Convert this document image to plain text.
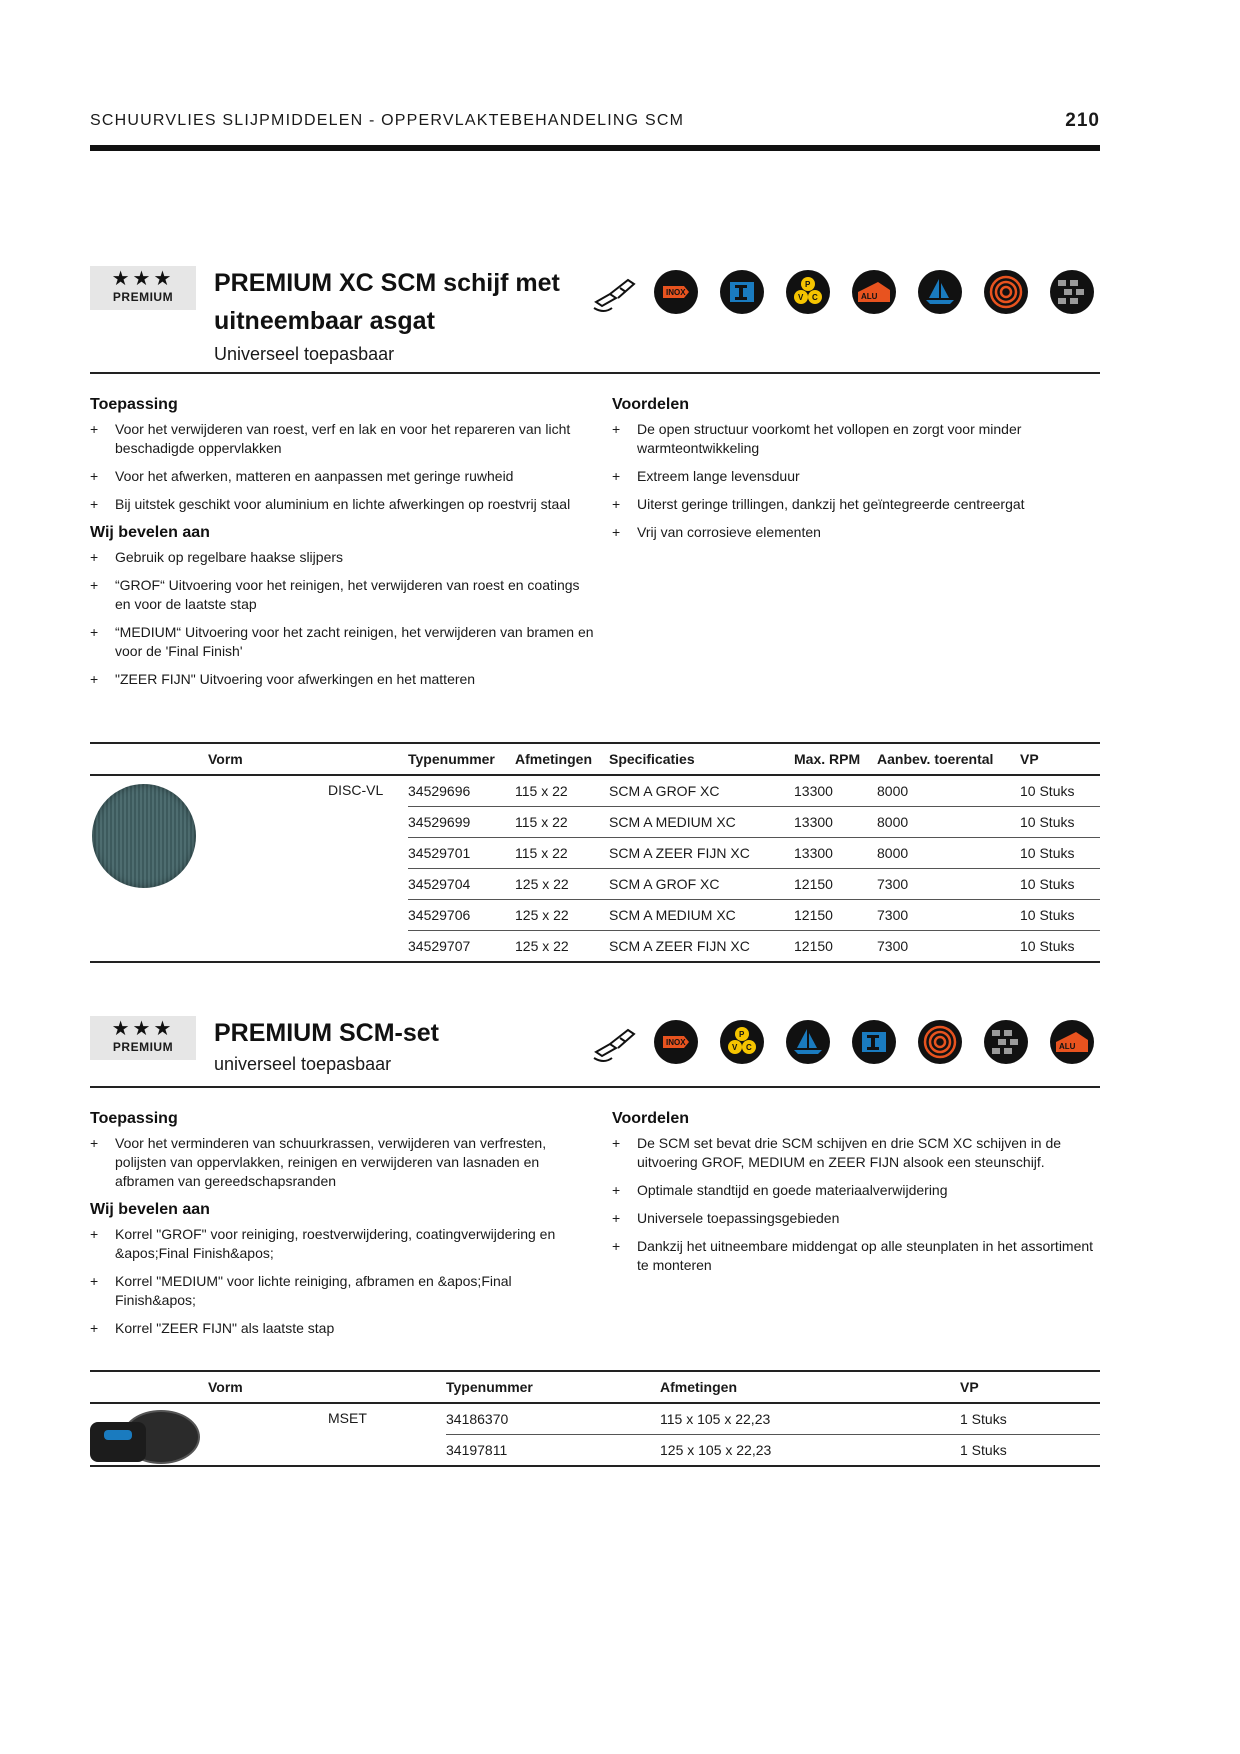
SCHUURVLIES SLIJPMIDDELEN - OPPERVLAKTEBEHANDELING SCM	210
★★★
PREMIUM	PREMIUM XC SCM schijf met
uitneembaar asgat
Universeel toepasbaar
INOX
P
V C	ALU
Toepassing
+ Voor het verwijderen van roest, verf en lak en voor het repareren van licht beschadigde oppervlakken
+ Voor het afwerken, matteren en aanpassen met geringe ruwheid
+ Bij uitstek geschikt voor aluminium en lichte afwerkingen op roestvrij staal
Wij bevelen aan
+ Gebruik op regelbare haakse slijpers
+ “GROF“ Uitvoering voor het reinigen, het verwijderen van roest en coatings en voor de laatste stap
+ “MEDIUM“ Uitvoering voor het zacht reinigen, het verwijderen van bramen en voor de 'Final Finish'
+ "ZEER FIJN" Uitvoering voor afwerkingen en het matteren
Voordelen
+ De open structuur voorkomt het vollopen en zorgt voor minder warmteontwikkeling
+ Extreem lange levensduur
+ Uiterst geringe trillingen, dankzij het geïntegreerde centreergat
+ Vrij van corrosieve elementen
Vorm	Typenummer	Afmetingen	Specificaties	Max. RPM	Aanbev. toerental	VP

DISC-VL	34529696	115 x 22	SCM A GROF XC	13300	8000	10 Stuks
	34529699	115 x 22	SCM A MEDIUM XC	13300	8000	10 Stuks
	34529701	115 x 22	SCM A ZEER FIJN XC	13300	8000	10 Stuks
	34529704	125 x 22	SCM A GROF XC	12150	7300	10 Stuks
	34529706	125 x 22	SCM A MEDIUM XC	12150	7300	10 Stuks
	34529707	125 x 22	SCM A ZEER FIJN XC	12150	7300	10 Stuks
★★★
PREMIUM	PREMIUM SCM-set
universeel toepasbaar
INOX
P
V C	ALU
Toepassing
+ Voor het verminderen van schuurkrassen, verwijderen van verfresten, polijsten van oppervlakken, reinigen en verwijderen van lasnaden en afbramen van gereedschapsranden
Wij bevelen aan
+ Korrel "GROF" voor reiniging, roestverwijdering, coatingverwijdering en &apos;Final Finish&apos;
+ Korrel "MEDIUM" voor lichte reiniging, afbramen en &apos;Final Finish&apos;
+ Korrel "ZEER FIJN" als laatste stap
Voordelen
+ De SCM set bevat drie SCM schijven en drie SCM XC schijven in de uitvoering GROF, MEDIUM en ZEER FIJN alsook een steunschijf.
+ Optimale standtijd en goede materiaalverwijdering
+ Universele toepassingsgebieden
+ Dankzij het uitneembare middengat op alle steunplaten in het assortiment te monteren
Vorm	Typenummer	Afmetingen	VP

MSET	34186370	115 x 105 x 22,23	1 Stuks
	34197811	125 x 105 x 22,23	1 Stuks
